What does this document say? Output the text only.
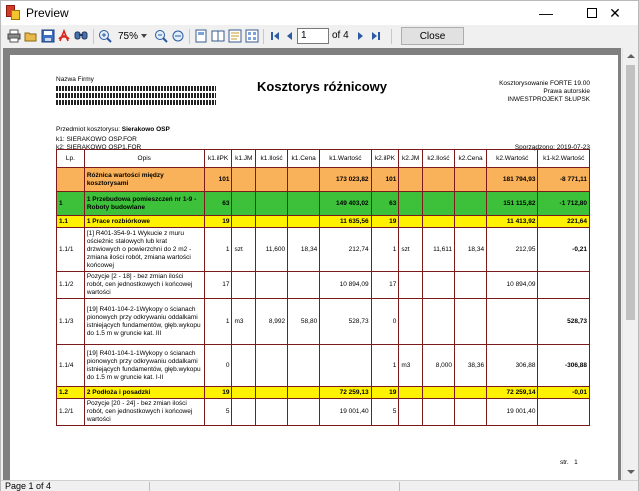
Preview	—	✕
75%	1	of 4	Close
Nazwa Firmy	Kosztorys różnicowy	Kosztorysowanie FORTE 19.00
Prawa autorskie
INWESTPROJEKT SŁUPSK
Przedmiot kosztorysu: Sierakowo OSP
k1: SIERAKOWO OSP.FOR
k2: SIERAKOWO OSP1.FOR	Sporządzono: 2019-07-23
Lp.	Opis	k1.ilPK	k1.JM	k1.Ilość	k1.Cena	k1.Wartość	k2.ilPK	k2.JM	k2.Ilość	k2.Cena	k2.Wartość	k1-k2.Wartość
	Różnica wartości między kosztorysami	101				173 023,82	101				181 794,93	-8 771,11
1	1 Przebudowa pomieszczeń nr 1-9 - Roboty budowlane	63				149 403,02	63				151 115,82	-1 712,80
1.1	1 Prace rozbiórkowe	19				11 635,56	19				11 413,92	221,64
1.1/1	[1] R401-354-9-1 Wykucie z muru ościeżnic stalowych lub krat drzwiowych o powierzchni do 2 m2 -zmiana ilości robót, zmiana wartości końcowej	1	szt	11,600	18,34	212,74	1	szt	11,611	18,34	212,95	-0,21
1.1/2	Pozycje [2 - 18] - bez zmian ilości robót, cen jednostkowych i końcowej wartości	17				10 894,09	17				10 894,09	
1.1/3	[19] R401-104-2-1Wykopy o ścianach pionowych przy odkrywaniu oddalkami istniejących fundamentów, głęb.wykopu do 1.5 m w gruncie kat. III	1	m3	8,992	58,80	528,73	0					528,73
1.1/4	[19] R401-104-1-1Wykopy o ścianach pionowych przy odkrywaniu oddalkami istniejących fundamentów, głęb.wykopu do 1.5 m w gruncie kat. I-II	0					1	m3	8,000	38,36	306,88	-306,88
1.2	2 Podłoża i posadzki	19				72 259,13	19				72 259,14	-0,01
1.2/1	Pozycje [20 - 24] - bez zmian ilości robót, cen jednostkowych i końcowej wartości	5				19 001,40	5				19 001,40	
str. 1
Page 1 of 4
